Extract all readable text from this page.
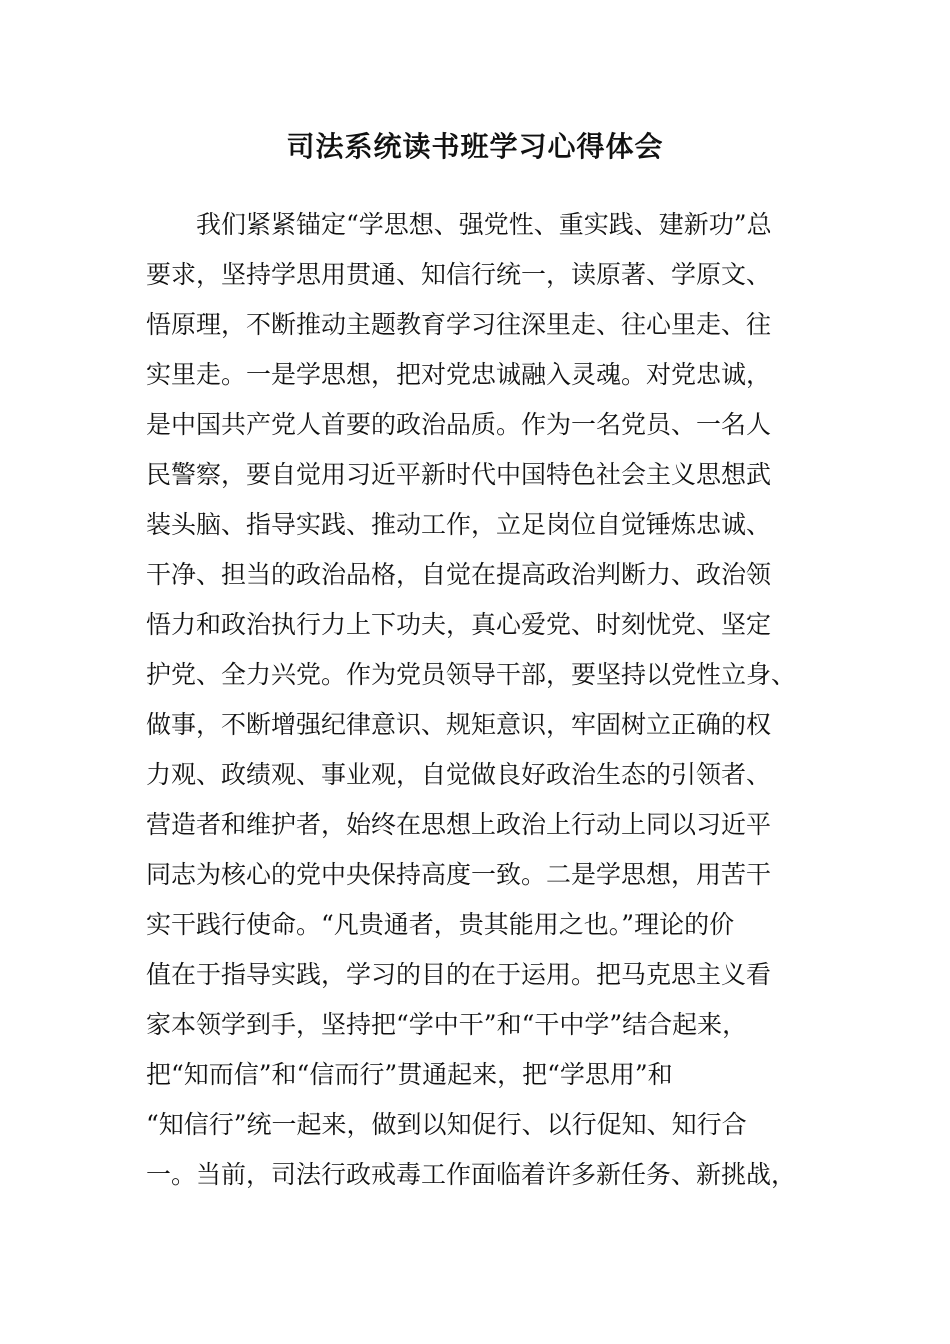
司法系统读书班学习心得体会
　　我们紧紧锚定“学思想、强党性、重实践、建新功”总
要求，坚持学思用贯通、知信行统一，读原著、学原文、
悟原理，不断推动主题教育学习往深里走、往心里走、往
实里走。一是学思想，把对党忠诚融入灵魂。对党忠诚，
是中国共产党人首要的政治品质。作为一名党员、一名人
民警察，要自觉用习近平新时代中国特色社会主义思想武
装头脑、指导实践、推动工作，立足岗位自觉锤炼忠诚、
干净、担当的政治品格，自觉在提高政治判断力、政治领
悟力和政治执行力上下功夫，真心爱党、时刻忧党、坚定
护党、全力兴党。作为党员领导干部，要坚持以党性立身、
做事，不断增强纪律意识、规矩意识，牢固树立正确的权
力观、政绩观、事业观，自觉做良好政治生态的引领者、
营造者和维护者，始终在思想上政治上行动上同以习近平
同志为核心的党中央保持高度一致。二是学思想，用苦干
实干践行使命。“凡贵通者，贵其能用之也。”理论的价
值在于指导实践，学习的目的在于运用。把马克思主义看
家本领学到手，坚持把“学中干”和“干中学”结合起来，
把“知而信”和“信而行”贯通起来，把“学思用”和
“知信行”统一起来，做到以知促行、以行促知、知行合
一。当前，司法行政戒毒工作面临着许多新任务、新挑战，
